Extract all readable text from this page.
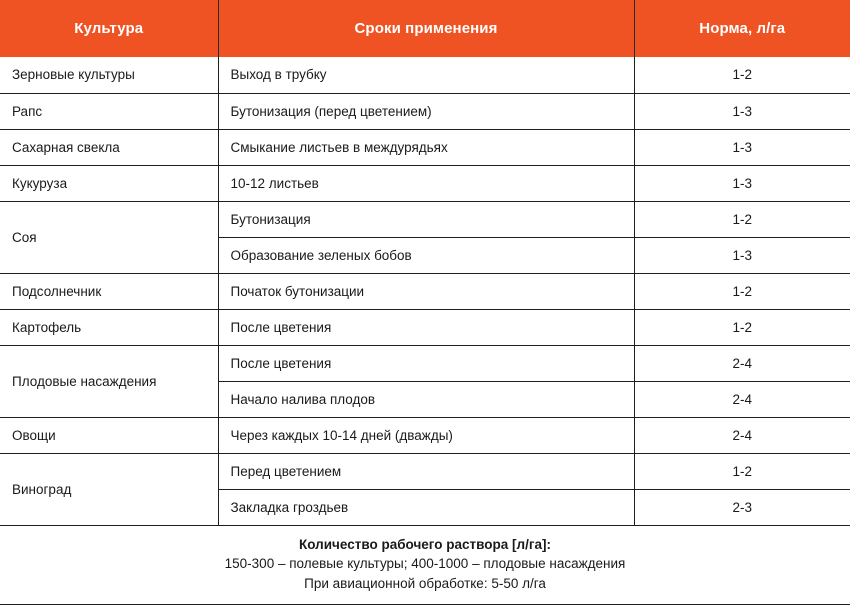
Культура	Сроки применения	Норма, л/га
Зерновые культуры	Выход в трубку	1-2
Рапс	Бутонизация (перед цветением)	1-3
Сахарная свекла	Смыкание листьев в междурядьях	1-3
Кукуруза	10-12 листьев	1-3
Соя	Бутонизация	1-2
	Образование зеленых бобов	1-3
Подсолнечник	Початок бутонизации	1-2
Картофель	После цветения	1-2
Плодовые насаждения	После цветения	2-4
	Начало налива плодов	2-4
Овощи	Через каждых 10-14 дней (дважды)	2-4
Виноград	Перед цветением	1-2
	Закладка гроздьев	2-3

Количество рабочего раствора [л/га]:
150-300 – полевые культуры; 400-1000 – плодовые насаждения
При авиационной обработке: 5-50 л/га		
